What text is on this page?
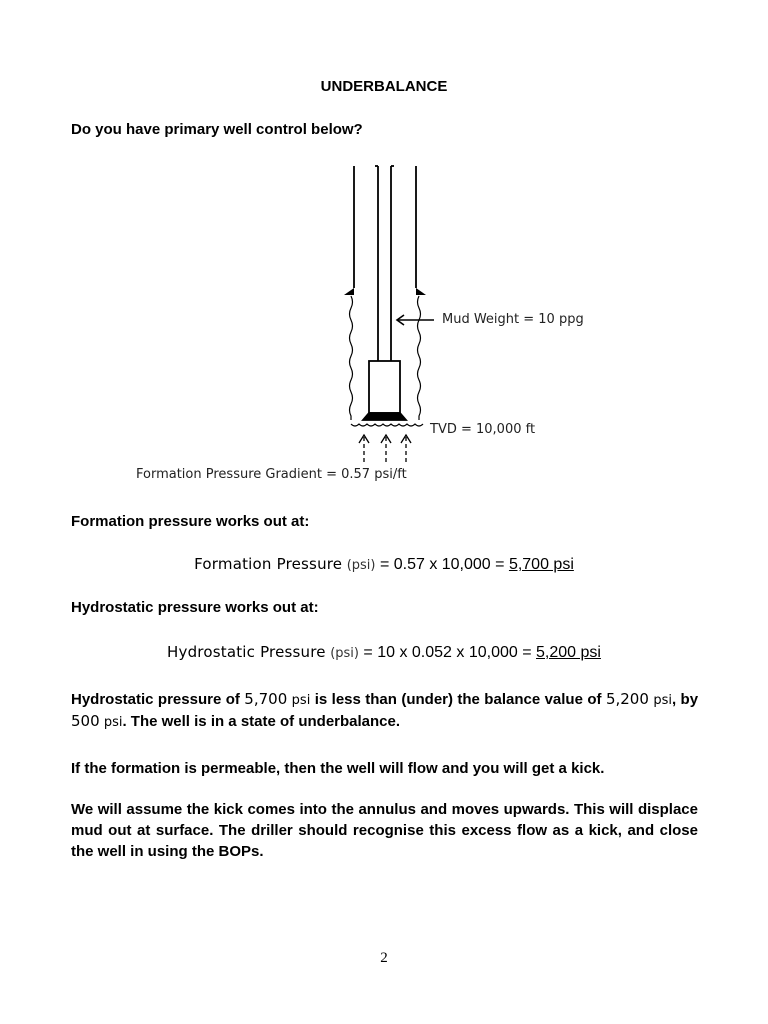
UNDERBALANCE
Do you have primary well control below?
Mud Weight = 10 ppg
TVD = 10,000 ft
Formation Pressure Gradient = 0.57 psi/ft
Formation pressure works out at:
Formation Pressure (psi) = 0.57 x 10,000 = 5,700 psi
Hydrostatic pressure works out at:
Hydrostatic Pressure (psi) = 10 x 0.052 x 10,000 = 5,200 psi
Hydrostatic pressure of 5,700 psi is less than (under) the balance value of 5,200 psi, by 500 psi. The well is in a state of underbalance.
If the formation is permeable, then the well will flow and you will get a kick.
We will assume the kick comes into the annulus and moves upwards. This will displace mud out at surface. The driller should recognise this excess flow as a kick, and close the well in using the BOPs.
2
